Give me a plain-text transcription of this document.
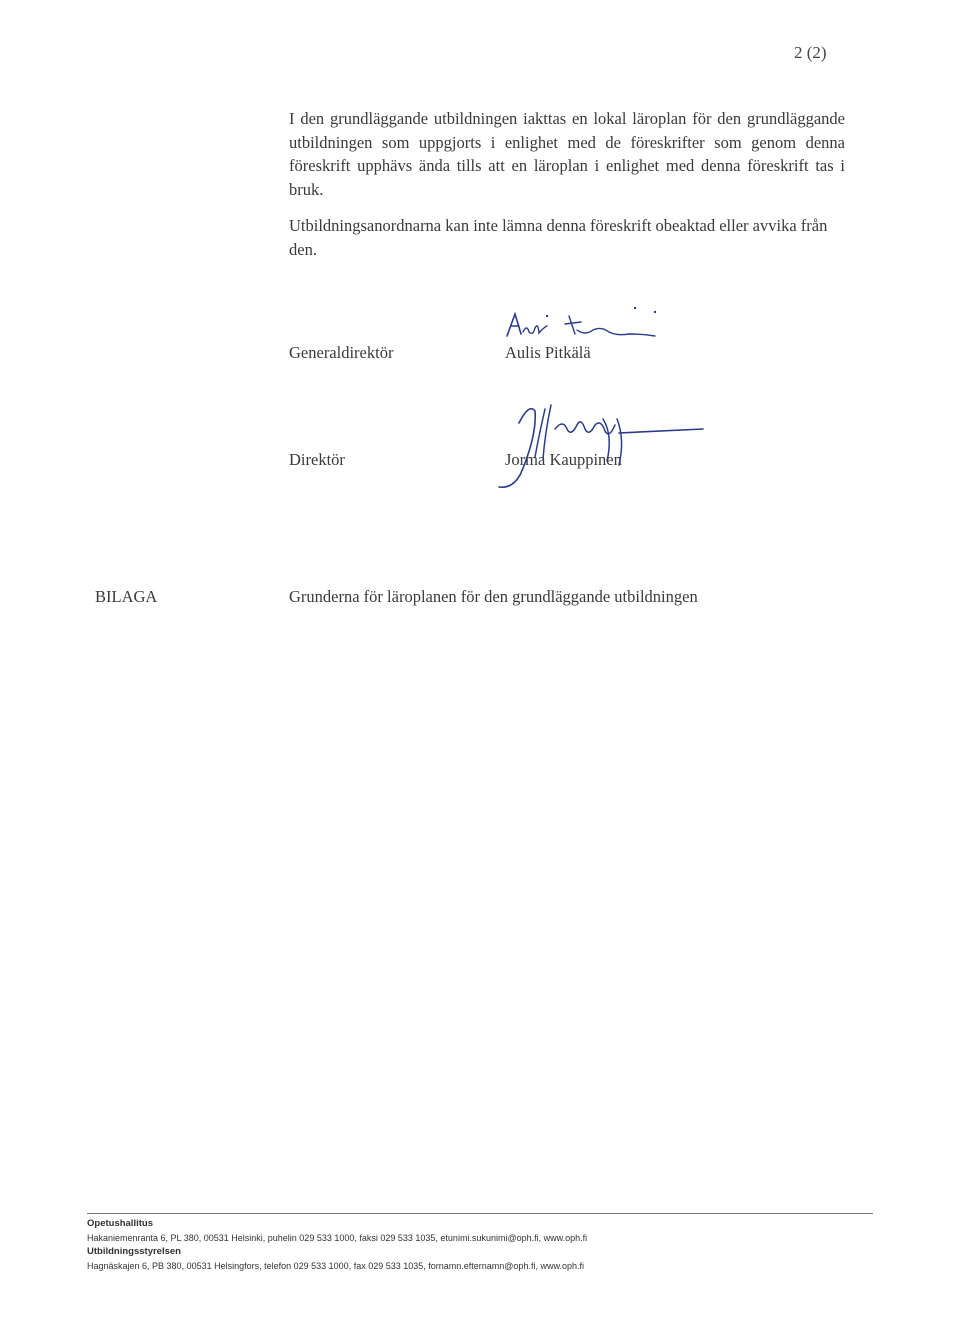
2 (2)
I den grundläggande utbildningen iakttas en lokal läroplan för den grundläggande utbildningen som uppgjorts i enlighet med de föreskrifter som genom denna föreskrift upphävs ända tills att en läroplan i enlighet med denna föreskrift tas i bruk.
Utbildningsanordnarna kan inte lämna denna föreskrift obeaktad eller avvika från den.
Generaldirektör	Aulis Pitkälä
Direktör	Jorma Kauppinen
BILAGA	Grunderna för läroplanen för den grundläggande utbildningen
Opetushallitus
Hakaniemenranta 6, PL 380, 00531 Helsinki, puhelin 029 533 1000, faksi 029 533 1035, etunimi.sukunimi@oph.fi, www.oph.fi
Utbildningsstyrelsen
Hagnäskajen 6, PB 380, 00531 Helsingfors, telefon 029 533 1000, fax 029 533 1035, fornamn.efternamn@oph.fi, www.oph.fi
